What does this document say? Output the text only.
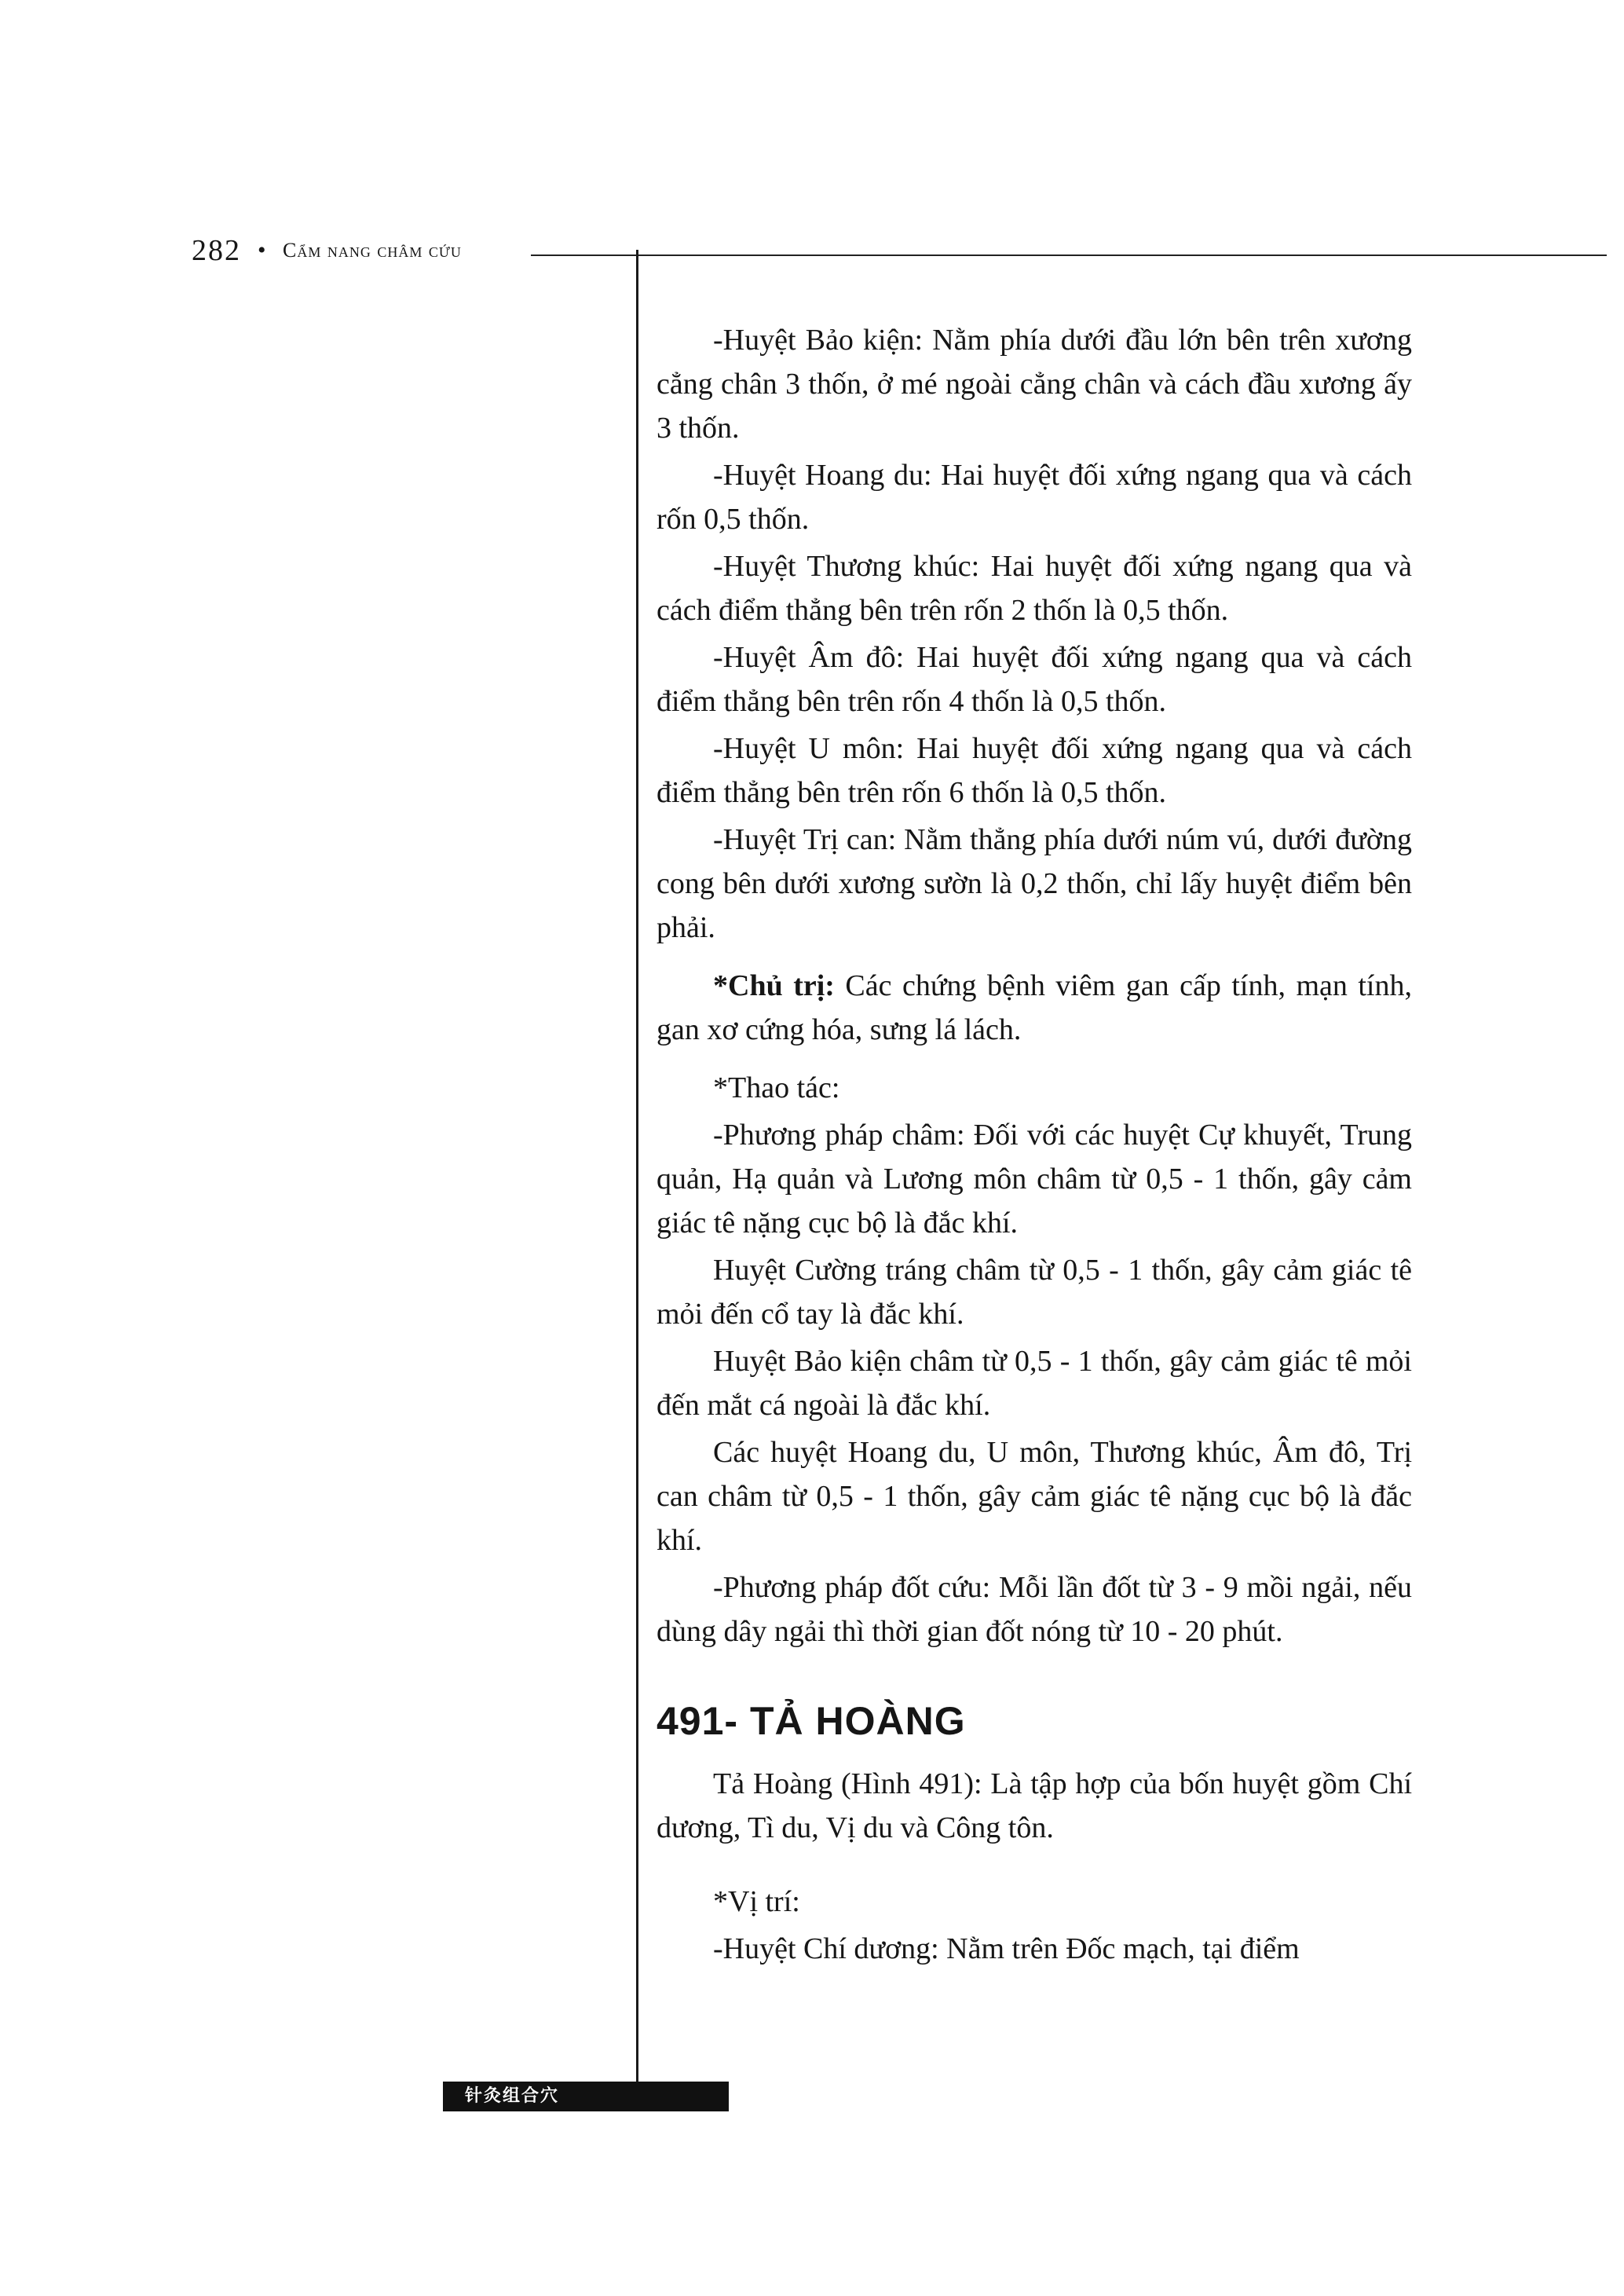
282 • Cẩm nang châm cứu

-Huyệt Bảo kiện: Nằm phía dưới đầu lớn bên trên xương cẳng chân 3 thốn, ở mé ngoài cẳng chân và cách đầu xương ấy 3 thốn.

-Huyệt Hoang du: Hai huyệt đối xứng ngang qua và cách rốn 0,5 thốn.

-Huyệt Thương khúc: Hai huyệt đối xứng ngang qua và cách điểm thẳng bên trên rốn 2 thốn là 0,5 thốn.

-Huyệt Âm đô: Hai huyệt đối xứng ngang qua và cách điểm thẳng bên trên rốn 4 thốn là 0,5 thốn.

-Huyệt U môn: Hai huyệt đối xứng ngang qua và cách điểm thẳng bên trên rốn 6 thốn là 0,5 thốn.

-Huyệt Trị can: Nằm thẳng phía dưới núm vú, dưới đường cong bên dưới xương sườn là 0,2 thốn, chỉ lấy huyệt điểm bên phải.

*Chủ trị: Các chứng bệnh viêm gan cấp tính, mạn tính, gan xơ cứng hóa, sưng lá lách.

*Thao tác:

-Phương pháp châm: Đối với các huyệt Cự khuyết, Trung quản, Hạ quản và Lương môn châm từ 0,5 - 1 thốn, gây cảm giác tê nặng cục bộ là đắc khí.

Huyệt Cường tráng châm từ 0,5 - 1 thốn, gây cảm giác tê mỏi đến cổ tay là đắc khí.

Huyệt Bảo kiện châm từ 0,5 - 1 thốn, gây cảm giác tê mỏi đến mắt cá ngoài là đắc khí.

Các huyệt Hoang du, U môn, Thương khúc, Âm đô, Trị can châm từ 0,5 - 1 thốn, gây cảm giác tê nặng cục bộ là đắc khí.

-Phương pháp đốt cứu: Mỗi lần đốt từ 3 - 9 mồi ngải, nếu dùng dây ngải thì thời gian đốt nóng từ 10 - 20 phút.

491- TẢ HOÀNG

Tả Hoàng (Hình 491): Là tập hợp của bốn huyệt gồm Chí dương, Tì du, Vị du và Công tôn.

*Vị trí:

-Huyệt Chí dương: Nằm trên Đốc mạch, tại điểm

针灸组合穴
